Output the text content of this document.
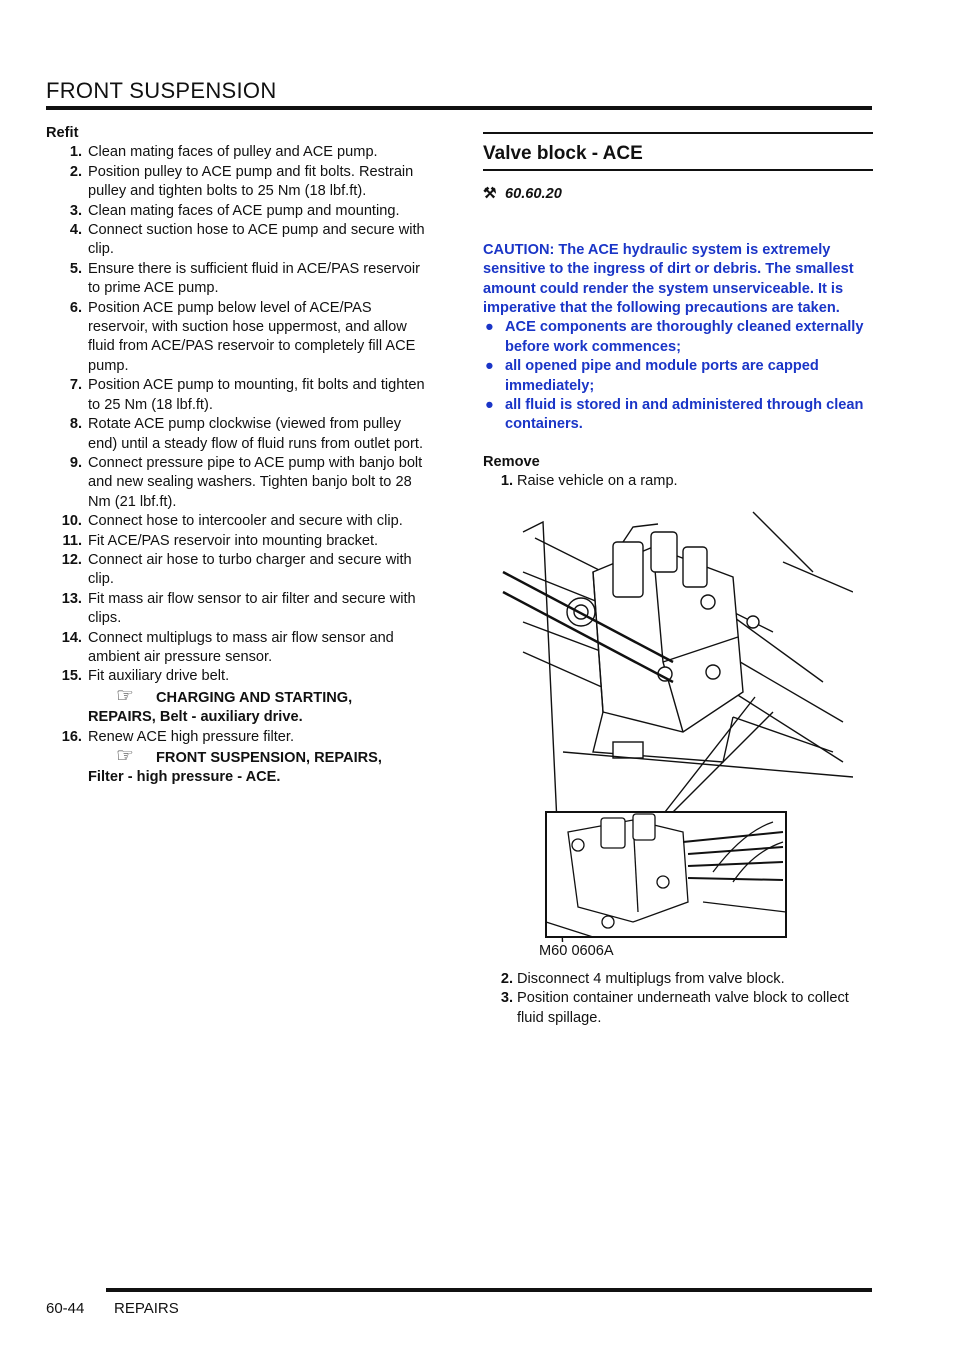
FRONT SUSPENSION
Refit
1. Clean mating faces of pulley and ACE pump.
2. Position pulley to ACE pump and fit bolts. Restrain pulley and tighten bolts to 25 Nm (18 lbf.ft).
3. Clean mating faces of ACE pump and mounting.
4. Connect suction hose to ACE pump and secure with clip.
5. Ensure there is sufficient fluid in ACE/PAS reservoir to prime ACE pump.
6. Position ACE pump below level of ACE/PAS reservoir, with suction hose uppermost, and allow fluid from ACE/PAS reservoir to completely fill ACE pump.
7. Position ACE pump to mounting, fit bolts and tighten to 25 Nm (18 lbf.ft).
8. Rotate ACE pump clockwise (viewed from pulley end) until a steady flow of fluid runs from outlet port.
9. Connect pressure pipe to ACE pump with banjo bolt and new sealing washers. Tighten banjo bolt to 28 Nm (21 lbf.ft).
10. Connect hose to intercooler and secure with clip.
11. Fit ACE/PAS reservoir into mounting bracket.
12. Connect air hose to turbo charger and secure with clip.
13. Fit mass air flow sensor to air filter and secure with clips.
14. Connect multiplugs to mass air flow sensor and ambient air pressure sensor.
15. Fit auxiliary drive belt.
☞ CHARGING AND STARTING,
REPAIRS, Belt - auxiliary drive.
16. Renew ACE high pressure filter.
☞ FRONT SUSPENSION, REPAIRS,
Filter - high pressure - ACE.
Valve block - ACE
⚒ 60.60.20
CAUTION: The ACE hydraulic system is extremely sensitive to the ingress of dirt or debris. The smallest amount could render the system unserviceable. It is imperative that the following precautions are taken.
● ACE components are thoroughly cleaned externally before work commences;
● all opened pipe and module ports are capped immediately;
● all fluid is stored in and administered through clean containers.
Remove
1. Raise vehicle on a ramp.
M60 0606A
2. Disconnect 4 multiplugs from valve block.
3. Position container underneath valve block to collect fluid spillage.
60-44 REPAIRS
